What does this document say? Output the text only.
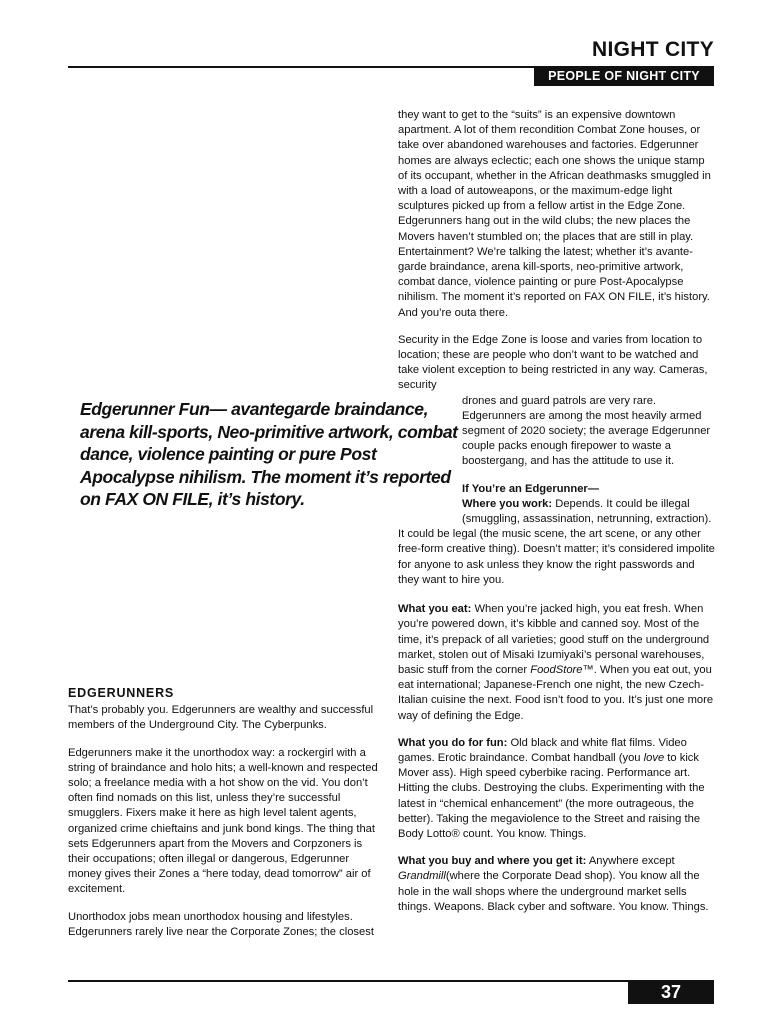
NIGHT CITY
PEOPLE OF NIGHT CITY

they want to get to the “suits” is an expensive downtown apartment. A lot of them recondition Combat Zone houses, or take over abandoned warehouses and factories. Edgerunner homes are always eclectic; each one shows the unique stamp of its occupant, whether in the African deathmasks smuggled in with a load of autoweapons, or the maximum-edge light sculptures picked up from a fellow artist in the Edge Zone. Edgerunners hang out in the wild clubs; the new places the Movers haven’t stumbled on; the places that are still in play. Entertainment? We’re talking the latest; whether it’s avante-garde braindance, arena kill-sports, neo-primitive artwork, combat dance, violence painting or pure Post-Apocalypse nihilism. The moment it’s reported on FAX ON FILE, it’s history. And you’re outa there.

Security in the Edge Zone is loose and varies from location to location; these are people who don’t want to be watched and take violent exception to being restricted in any way. Cameras, security
drones and guard patrols are very rare. Edgerunners are among the most heavily armed segment of 2020 society; the average Edgerunner couple packs enough firepower to waste a boostergang, and has the attitude to use it.

If You’re an Edgerunner—
Where you work: Depends. It could be illegal (smuggling, assassination, netrunning, extraction).
It could be legal (the music scene, the art scene, or any other free-form creative thing). Doesn’t matter; it’s considered impolite for anyone to ask unless they know the right passwords and they want to hire you.

What you eat: When you’re jacked high, you eat fresh. When you’re powered down, it’s kibble and canned soy. Most of the time, it’s prepack of all varieties; good stuff on the underground market, stolen out of Misaki Izumiyaki’s personal warehouses, basic stuff from the corner FoodStore™. When you eat out, you eat international; Japanese-French one night, the new Czech-Italian cuisine the next. Food isn’t food to you. It’s just one more way of defining the Edge.

What you do for fun: Old black and white flat films. Video games. Erotic braindance. Combat handball (you love to kick Mover ass). High speed cyberbike racing. Performance art. Hitting the clubs. Destroying the clubs. Experimenting with the latest in “chemical enhancement” (the more outrageous, the better). Taking the megaviolence to the Street and raising the Body Lotto® count. You know. Things.

What you buy and where you get it: Anywhere except Grandmill(where the Corporate Dead shop). You know all the hole in the wall shops where the underground market sells things. Weapons. Black cyber and software. You know. Things.

Edgerunner Fun— avantegarde braindance, arena kill-sports, Neo-primitive artwork, combat dance, violence painting or pure Post Apocalypse nihilism. The moment it’s reported on FAX ON FILE, it’s history.
EDGERUNNERS

That’s probably you. Edgerunners are wealthy and successful members of the Underground City. The Cyberpunks.

Edgerunners make it the unorthodox way: a rockergirl with a string of braindance and holo hits; a well-known and respected solo; a freelance media with a hot show on the vid. You don’t often find nomads on this list, unless they’re successful smugglers. Fixers make it here as high level talent agents, organized crime chieftains and junk bond kings. The thing that sets Edgerunners apart from the Movers and Corpzoners is their occupations; often illegal or dangerous, Edgerunner money gives their Zones a “here today, dead tomorrow” air of excitement.

Unorthodox jobs mean unorthodox housing and lifestyles. Edgerunners rarely live near the Corporate Zones; the closest

37
